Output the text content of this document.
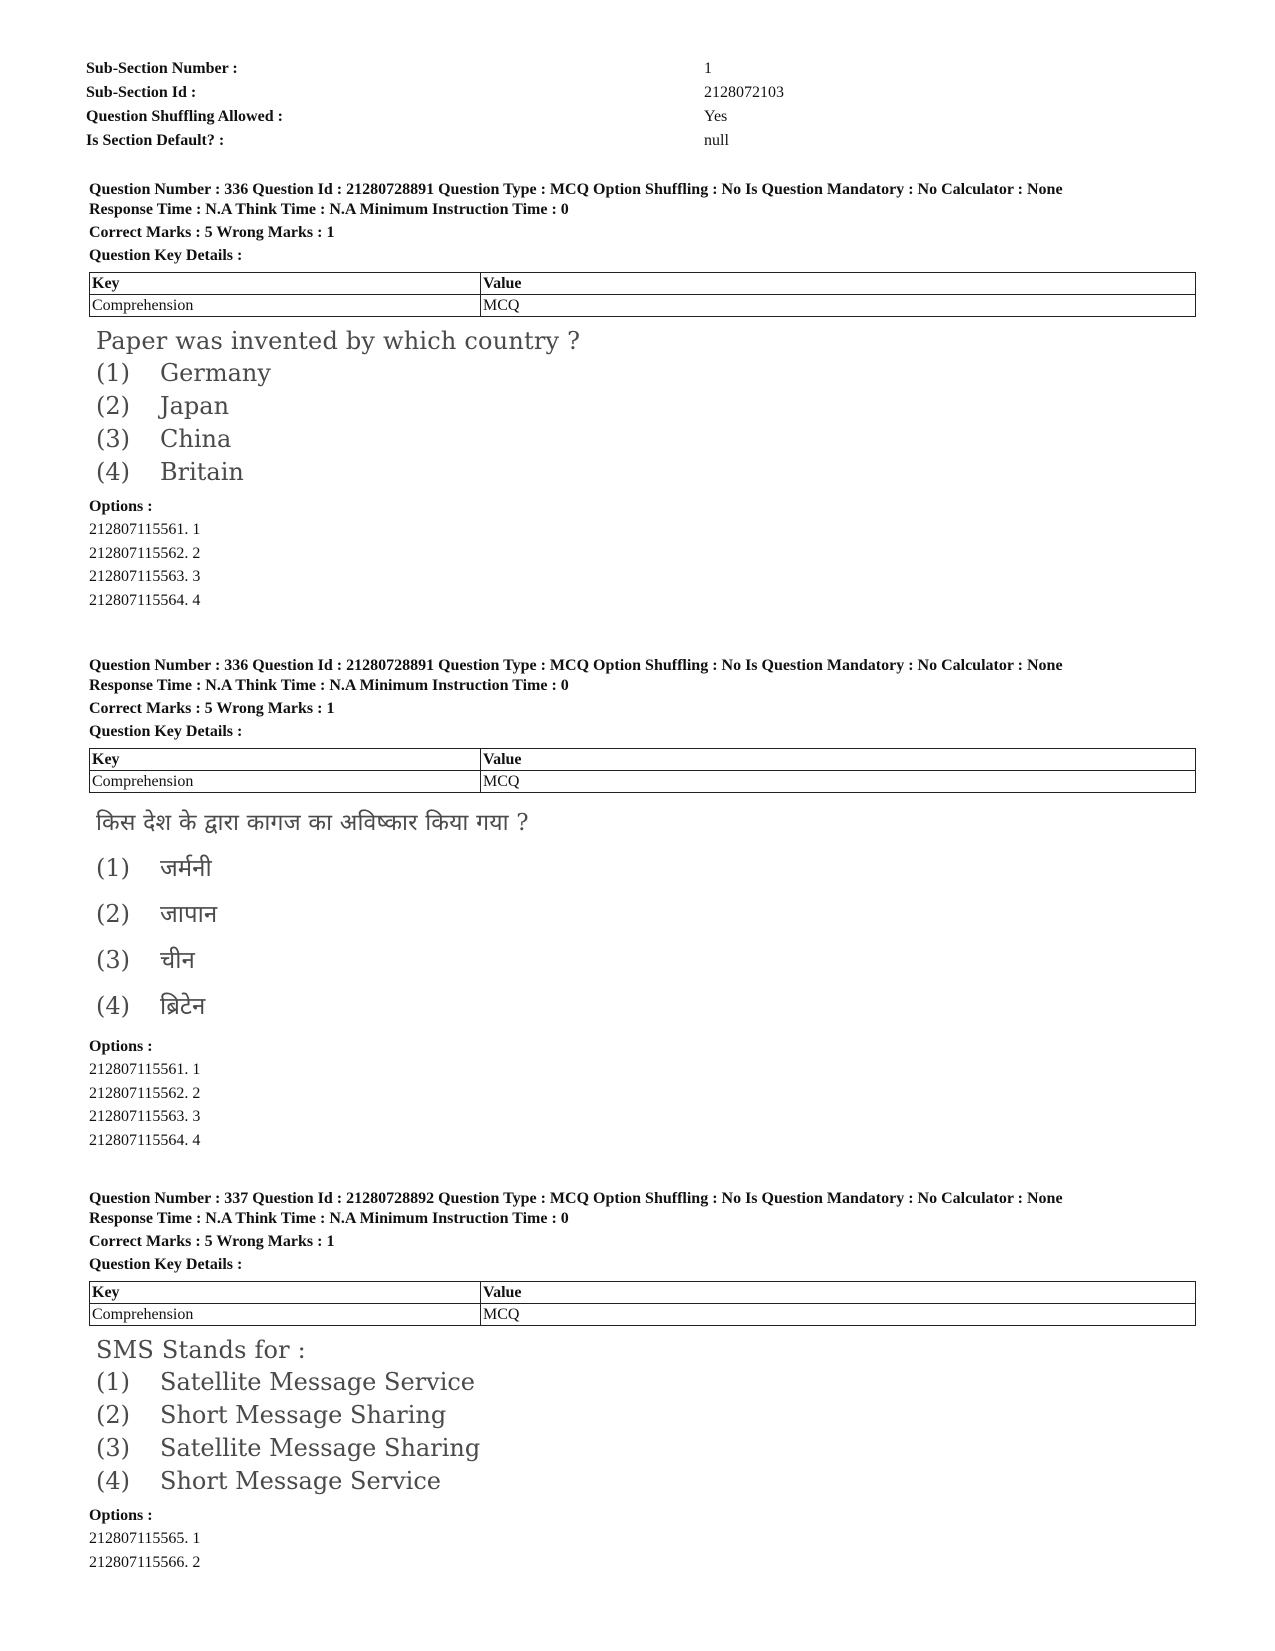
Sub-Section Number :	1
Sub-Section Id :	2128072103
Question Shuffling Allowed :	Yes
Is Section Default? :	null
Question Number : 336 Question Id : 21280728891 Question Type : MCQ Option Shuffling : No Is Question Mandatory : No Calculator : None
Response Time : N.A Think Time : N.A Minimum Instruction Time : 0
Correct Marks : 5 Wrong Marks : 1
Question Key Details :
Key	Value
Comprehension	MCQ
Paper was invented by which country ?
(1) Germany
(2) Japan
(3) China
(4) Britain
Options :
212807115561. 1
212807115562. 2
212807115563. 3
212807115564. 4
Question Number : 336 Question Id : 21280728891 Question Type : MCQ Option Shuffling : No Is Question Mandatory : No Calculator : None
Response Time : N.A Think Time : N.A Minimum Instruction Time : 0
Correct Marks : 5 Wrong Marks : 1
Question Key Details :
Key	Value
Comprehension	MCQ
किस देश के द्वारा कागज का अविष्कार किया गया ?
(1) जर्मनी
(2) जापान
(3) चीन
(4) ब्रिटेन
Options :
212807115561. 1
212807115562. 2
212807115563. 3
212807115564. 4
Question Number : 337 Question Id : 21280728892 Question Type : MCQ Option Shuffling : No Is Question Mandatory : No Calculator : None
Response Time : N.A Think Time : N.A Minimum Instruction Time : 0
Correct Marks : 5 Wrong Marks : 1
Question Key Details :
Key	Value
Comprehension	MCQ
SMS Stands for :
(1) Satellite Message Service
(2) Short Message Sharing
(3) Satellite Message Sharing
(4) Short Message Service
Options :
212807115565. 1
212807115566. 2
